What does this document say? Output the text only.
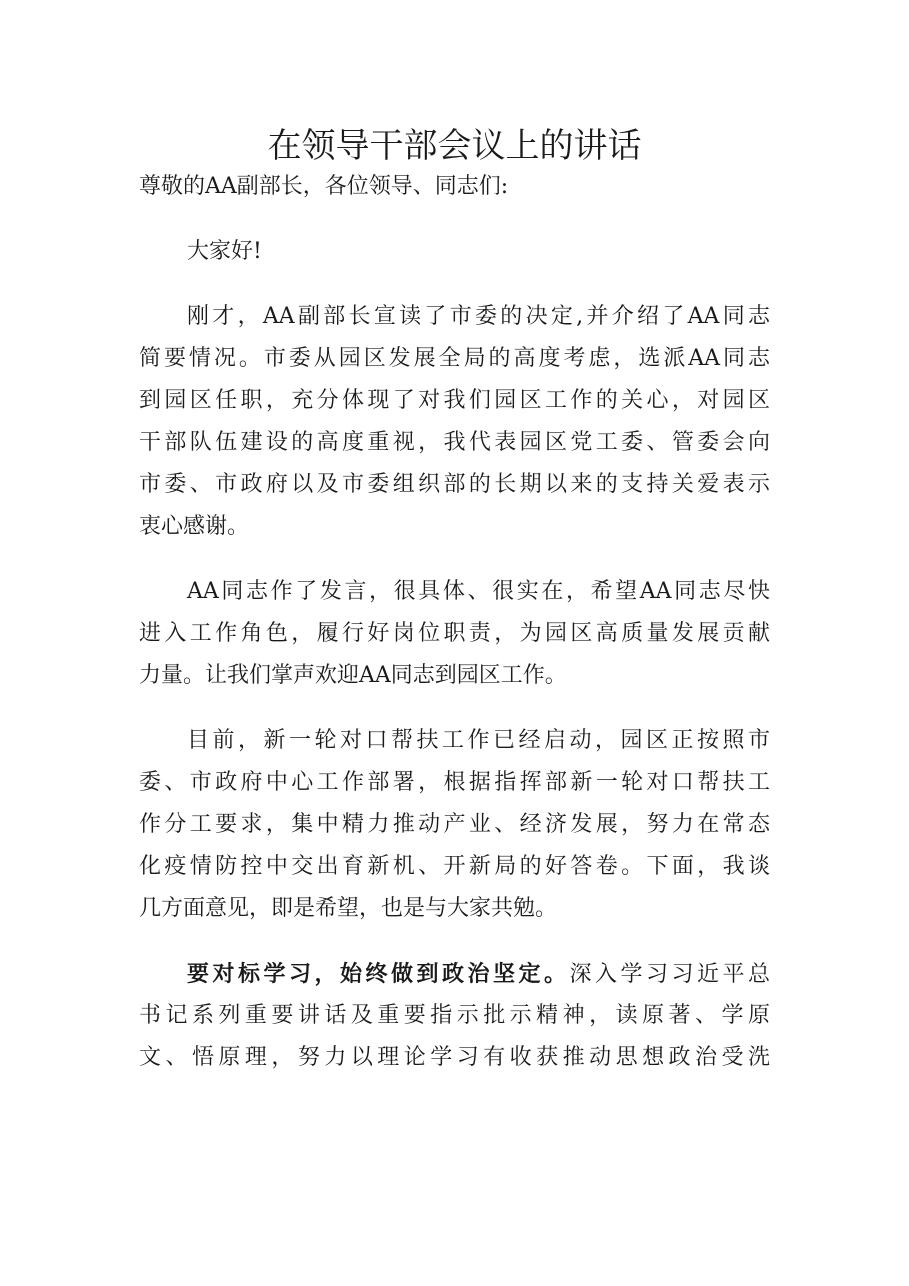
在领导干部会议上的讲话
尊敬的AA副部长，各位领导、同志们:
大家好!
刚才，AA副部长宣读了市委的决定,并介绍了AA同志
简要情况。市委从园区发展全局的高度考虑，选派AA同志
到园区任职，充分体现了对我们园区工作的关心，对园区
干部队伍建设的高度重视，我代表园区党工委、管委会向
市委、市政府以及市委组织部的长期以来的支持关爱表示
衷心感谢。
AA同志作了发言，很具体、很实在，希望AA同志尽快
进入工作角色，履行好岗位职责，为园区高质量发展贡献
力量。让我们掌声欢迎AA同志到园区工作。
目前，新一轮对口帮扶工作已经启动，园区正按照市
委、市政府中心工作部署，根据指挥部新一轮对口帮扶工
作分工要求，集中精力推动产业、经济发展，努力在常态
化疫情防控中交出育新机、开新局的好答卷。下面，我谈
几方面意见，即是希望，也是与大家共勉。
要对标学习，始终做到政治坚定。深入学习习近平总
书记系列重要讲话及重要指示批示精神，读原著、学原
文、悟原理，努力以理论学习有收获推动思想政治受洗
